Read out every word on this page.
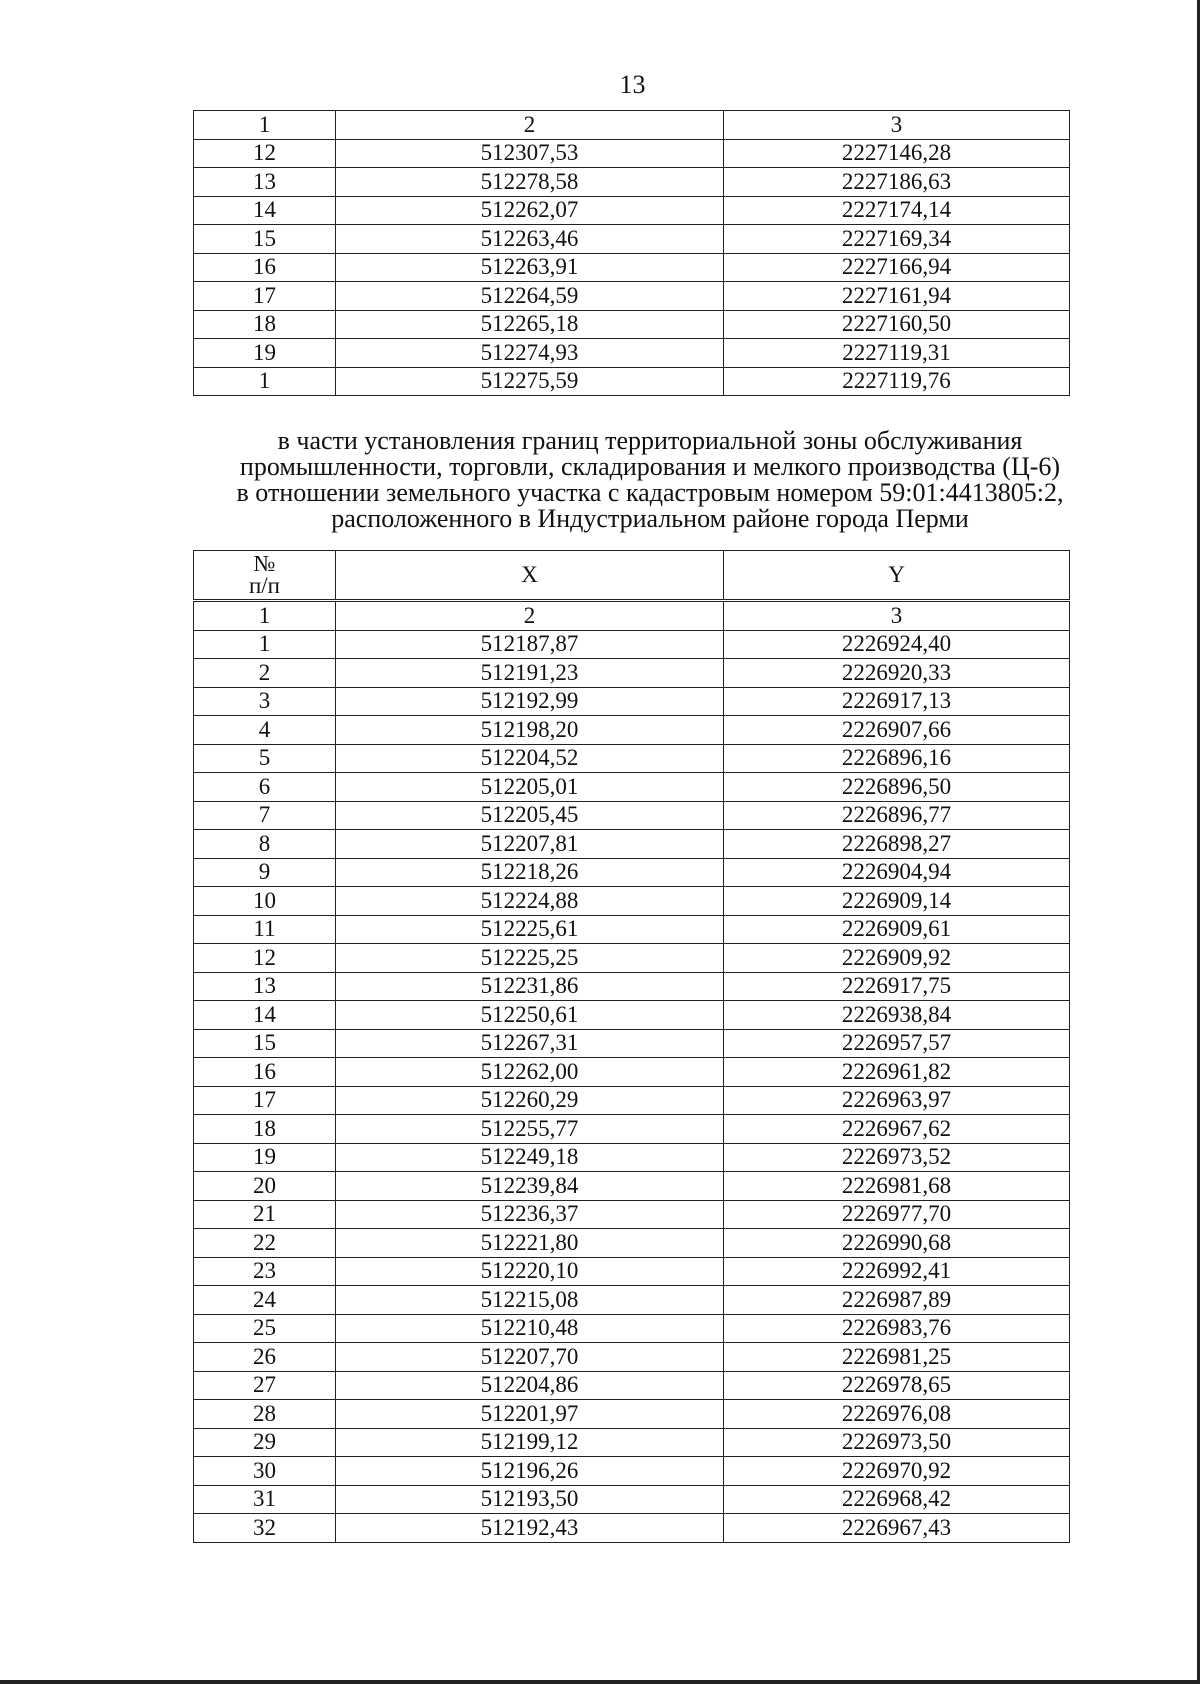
13
1	2	3
12	512307,53	2227146,28
13	512278,58	2227186,63
14	512262,07	2227174,14
15	512263,46	2227169,34
16	512263,91	2227166,94
17	512264,59	2227161,94
18	512265,18	2227160,50
19	512274,93	2227119,31
1	512275,59	2227119,76
в части установления границ территориальной зоны обслуживания
промышленности, торговли, складирования и мелкого производства (Ц-6)
в отношении земельного участка с кадастровым номером 59:01:4413805:2,
расположенного в Индустриальном районе города Перми
№
п/п	X	Y
1	2	3
1	512187,87	2226924,40
2	512191,23	2226920,33
3	512192,99	2226917,13
4	512198,20	2226907,66
5	512204,52	2226896,16
6	512205,01	2226896,50
7	512205,45	2226896,77
8	512207,81	2226898,27
9	512218,26	2226904,94
10	512224,88	2226909,14
11	512225,61	2226909,61
12	512225,25	2226909,92
13	512231,86	2226917,75
14	512250,61	2226938,84
15	512267,31	2226957,57
16	512262,00	2226961,82
17	512260,29	2226963,97
18	512255,77	2226967,62
19	512249,18	2226973,52
20	512239,84	2226981,68
21	512236,37	2226977,70
22	512221,80	2226990,68
23	512220,10	2226992,41
24	512215,08	2226987,89
25	512210,48	2226983,76
26	512207,70	2226981,25
27	512204,86	2226978,65
28	512201,97	2226976,08
29	512199,12	2226973,50
30	512196,26	2226970,92
31	512193,50	2226968,42
32	512192,43	2226967,43
